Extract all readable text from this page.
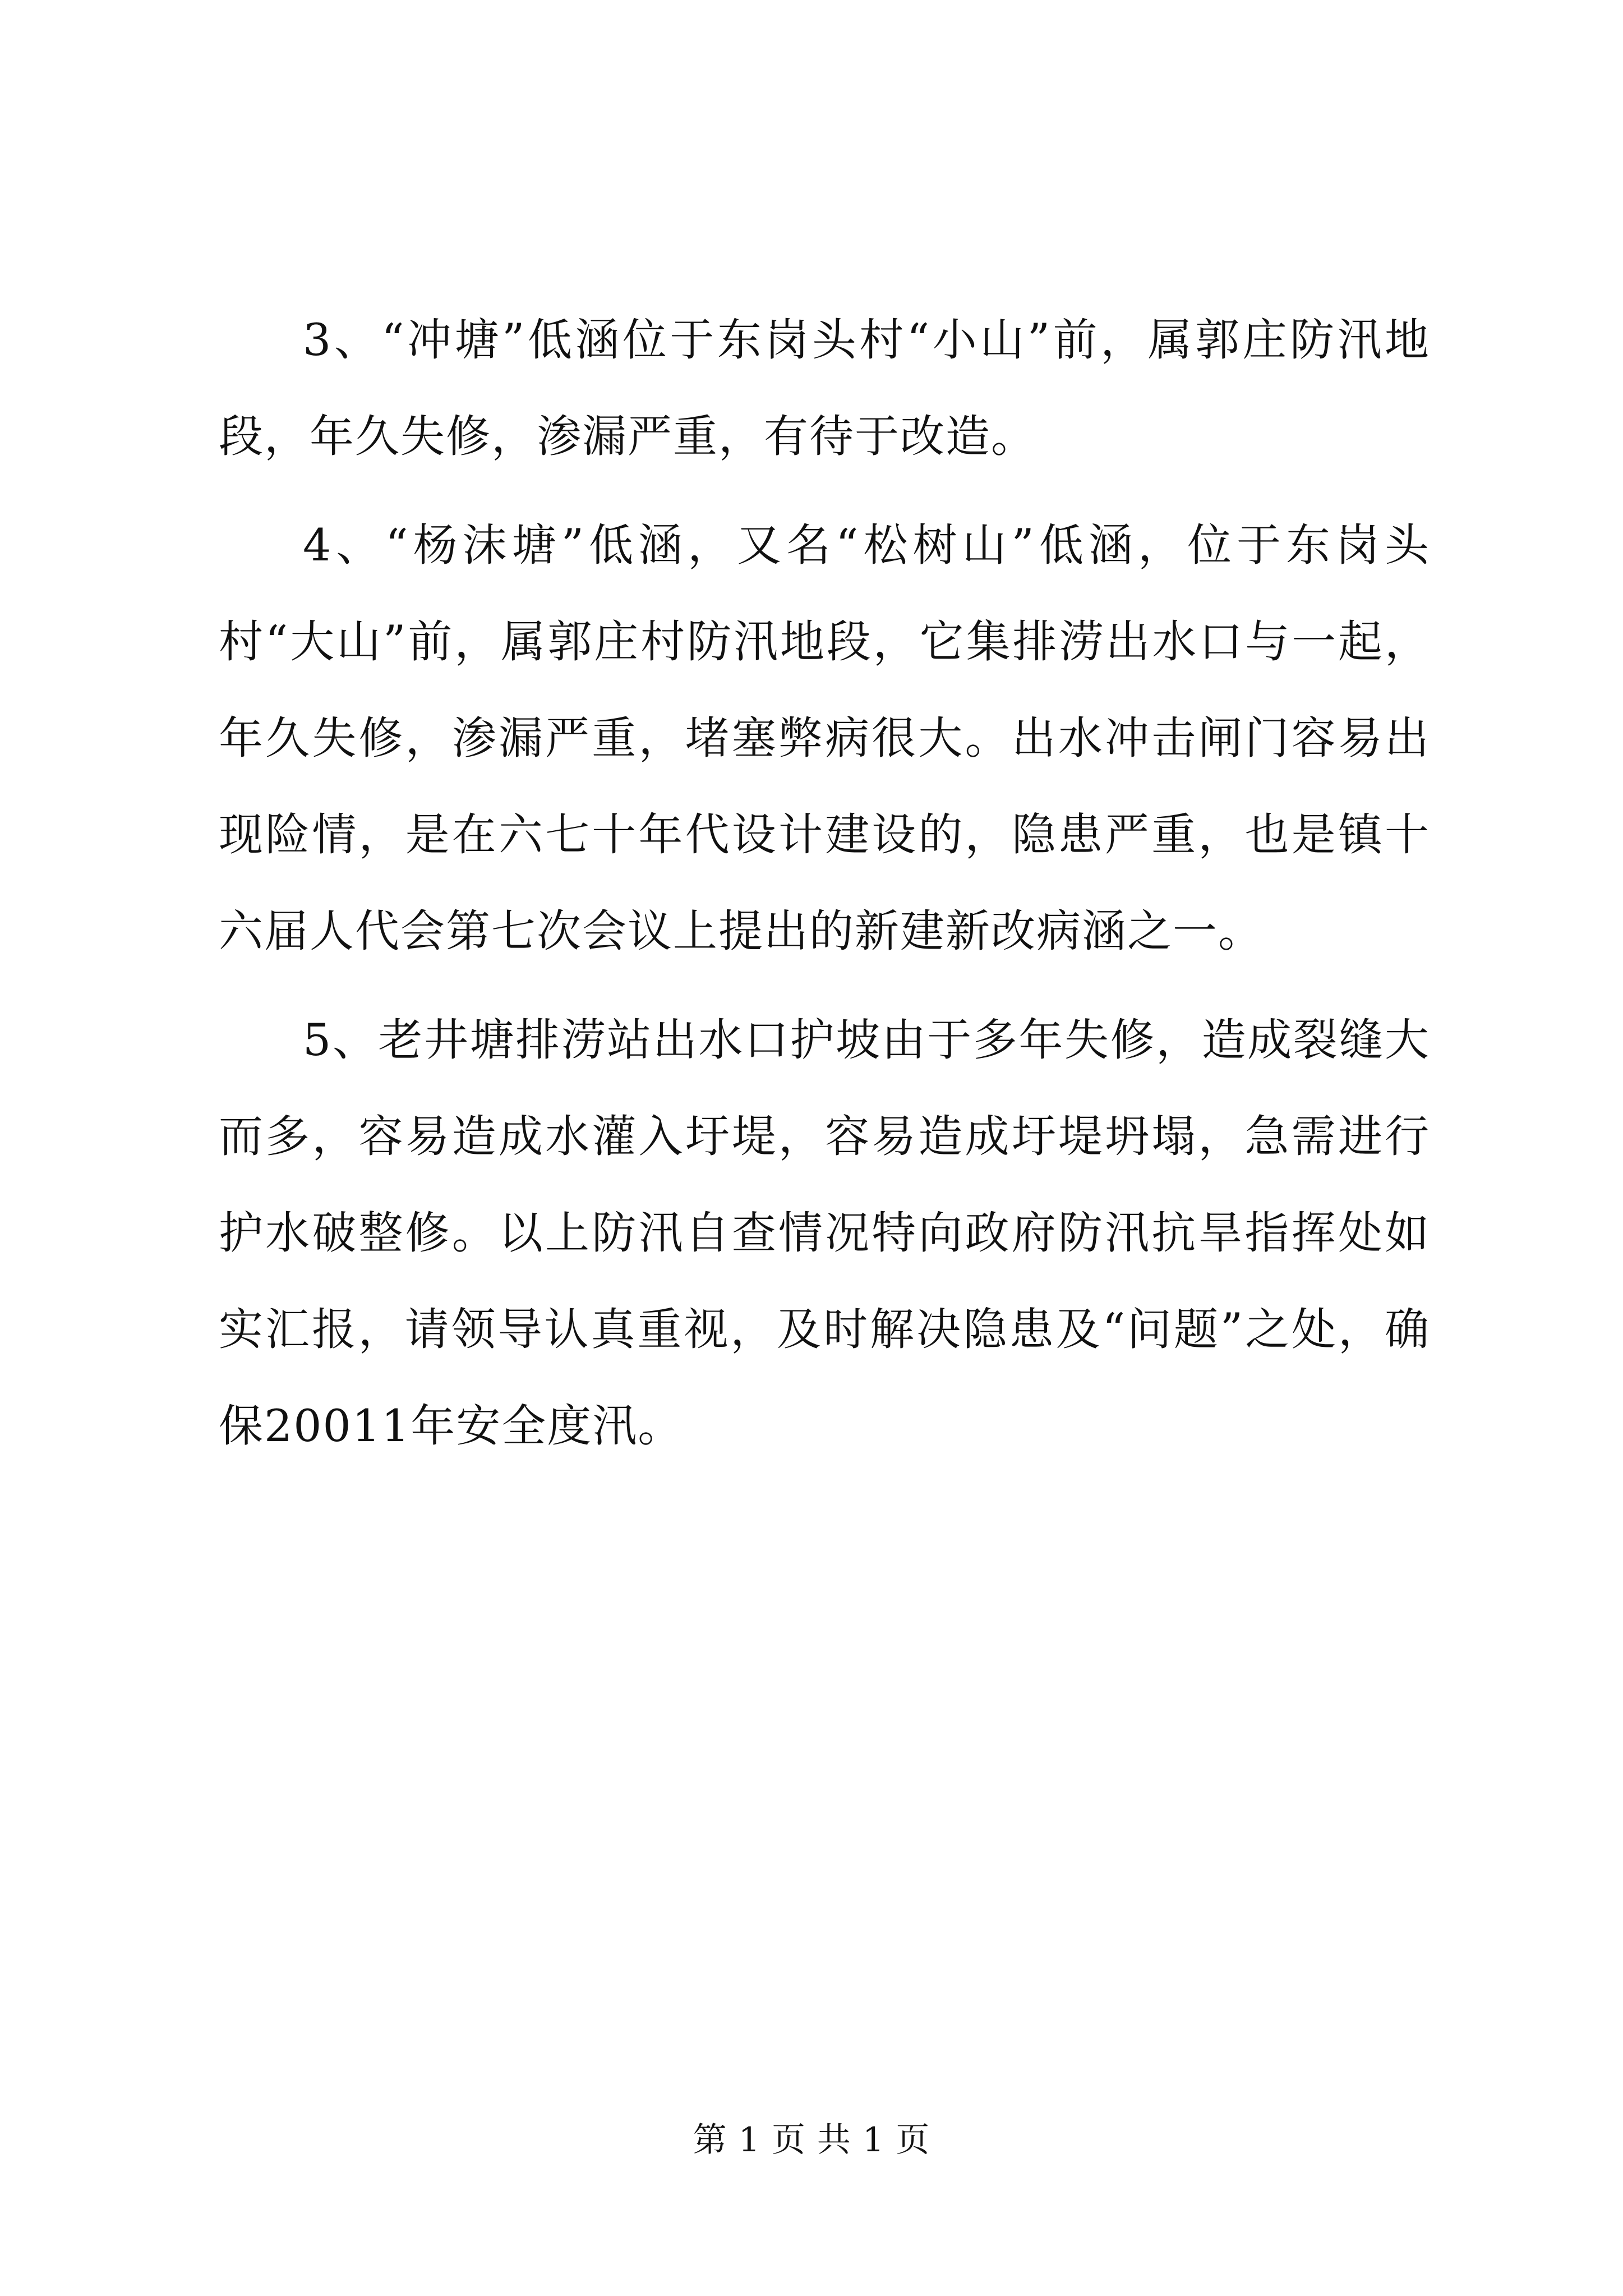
3、“冲塘”低涵位于东岗头村“小山”前，属郭庄防汛地段，年久失修，渗漏严重，有待于改造。

4、“杨沫塘”低涵，又名“松树山”低涵，位于东岗头村“大山”前，属郭庄村防汛地段，它集排涝出水口与一起，年久失修，渗漏严重，堵塞弊病很大。出水冲击闸门容易出现险情，是在六七十年代设计建设的，隐患严重，也是镇十六届人代会第七次会议上提出的新建新改病涵之一。

5、老井塘排涝站出水口护坡由于多年失修，造成裂缝大而多，容易造成水灌入圩堤，容易造成圩堤坍塌，急需进行护水破整修。以上防汛自查情况特向政府防汛抗旱指挥处如实汇报，请领导认真重视，及时解决隐患及“问题”之处，确保20011年安全度汛。

第 1 页 共 1 页
